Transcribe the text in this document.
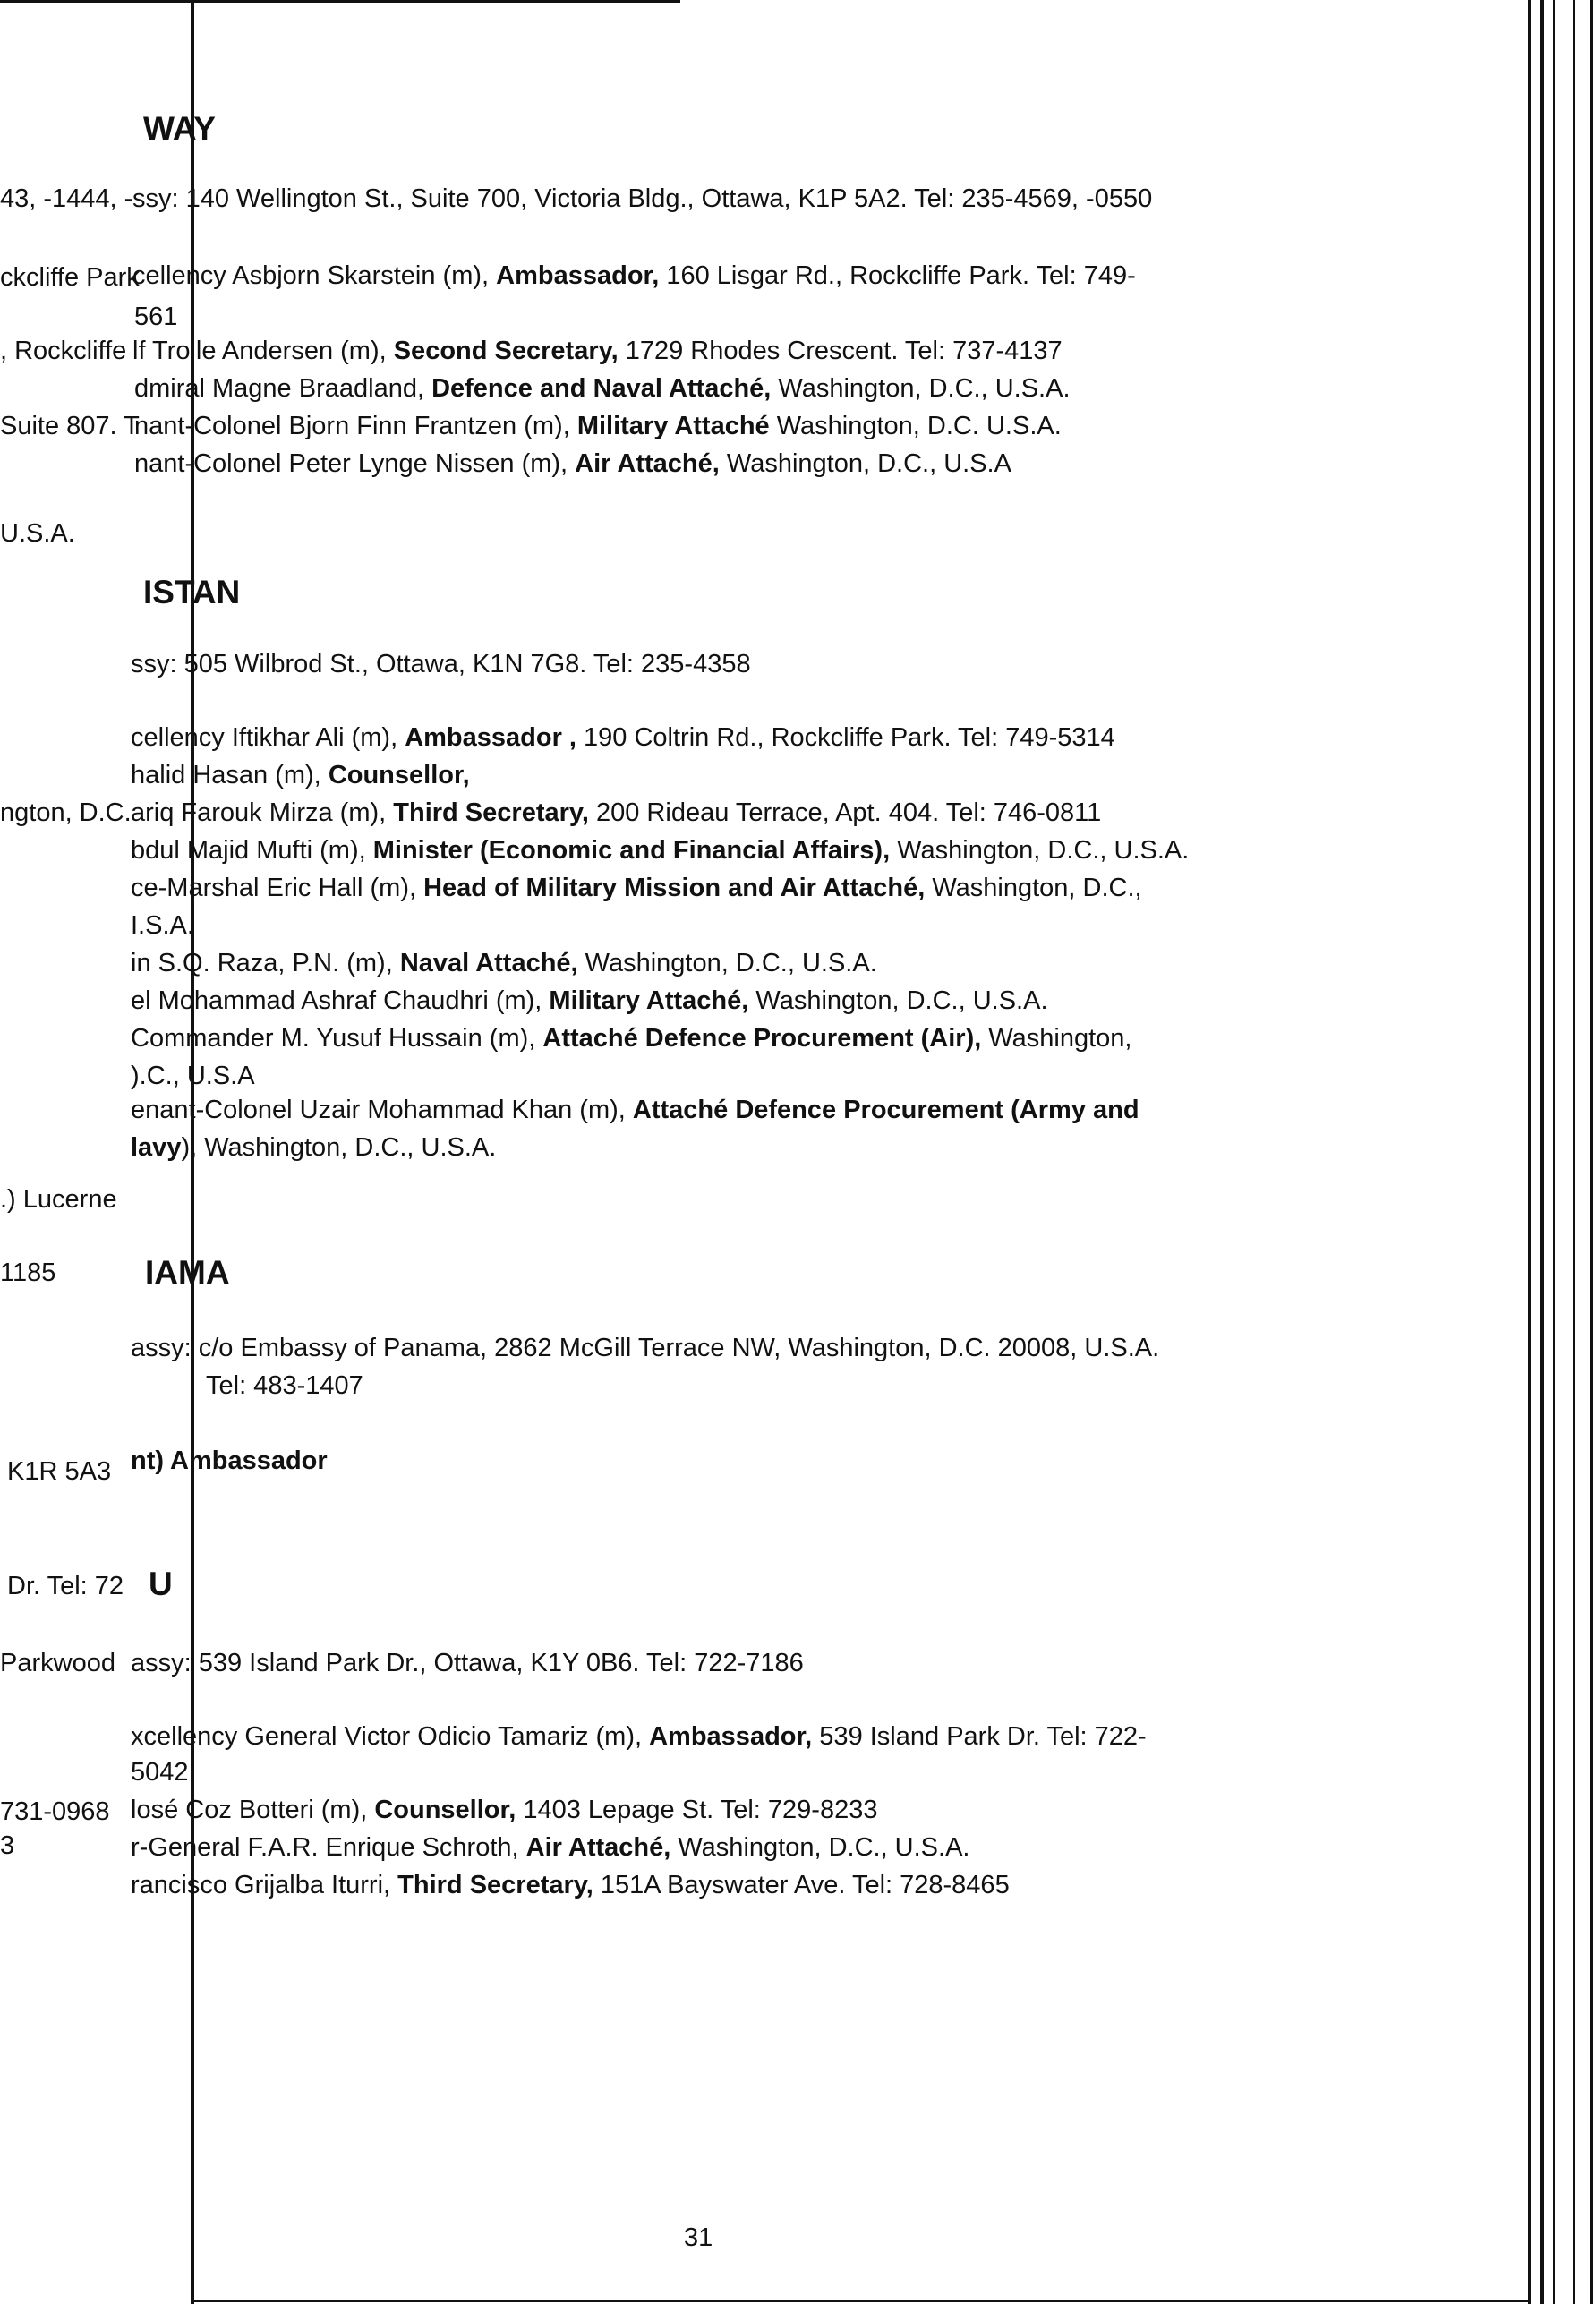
43, -1444, -
ckcliffe Park
, Rockcliffe
Suite 807. T
U.S.A.
ngton, D.C.
.) Lucerne
1185
K1R 5A3
Dr. Tel: 72
Parkwood
731-0968
3
WAY
ssy: 140 Wellington St., Suite 700, Victoria Bldg., Ottawa, K1P 5A2. Tel: 235-4569, -0550
cellency Asbjorn Skarstein (m), Ambassador, 160 Lisgar Rd., Rockcliffe Park. Tel: 749-
561
lf Trolle Andersen (m), Second Secretary, 1729 Rhodes Crescent. Tel: 737-4137
dmiral Magne Braadland, Defence and Naval Attaché, Washington, D.C., U.S.A.
nant-Colonel Bjorn Finn Frantzen (m), Military Attaché Washington, D.C. U.S.A.
nant-Colonel Peter Lynge Nissen (m), Air Attaché, Washington, D.C., U.S.A
ISTAN
ssy: 505 Wilbrod St., Ottawa, K1N 7G8. Tel: 235-4358
cellency Iftikhar Ali (m), Ambassador , 190 Coltrin Rd., Rockcliffe Park. Tel: 749-5314
halid Hasan (m), Counsellor,
ariq Farouk Mirza (m), Third Secretary, 200 Rideau Terrace, Apt. 404. Tel: 746-0811
bdul Majid Mufti (m), Minister (Economic and Financial Affairs), Washington, D.C., U.S.A.
ce-Marshal Eric Hall (m), Head of Military Mission and Air Attaché, Washington, D.C.,
I.S.A.
in S.Q. Raza, P.N. (m), Naval Attaché, Washington, D.C., U.S.A.
el Mohammad Ashraf Chaudhri (m), Military Attaché, Washington, D.C., U.S.A.
Commander M. Yusuf Hussain (m), Attaché Defence Procurement (Air), Washington,
).C., U.S.A
enant-Colonel Uzair Mohammad Khan (m), Attaché Defence Procurement (Army and
lavy), Washington, D.C., U.S.A.
IAMA
assy: c/o Embassy of Panama, 2862 McGill Terrace NW, Washington, D.C. 20008, U.S.A.
Tel: 483-1407
nt) Ambassador
U
assy: 539 Island Park Dr., Ottawa, K1Y 0B6. Tel: 722-7186
xcellency General Victor Odicio Tamariz (m), Ambassador, 539 Island Park Dr. Tel: 722-
5042
losé Coz Botteri (m), Counsellor, 1403 Lepage St. Tel: 729-8233
r-General F.A.R. Enrique Schroth, Air Attaché, Washington, D.C., U.S.A.
rancisco Grijalba Iturri, Third Secretary, 151A Bayswater Ave. Tel: 728-8465
31
